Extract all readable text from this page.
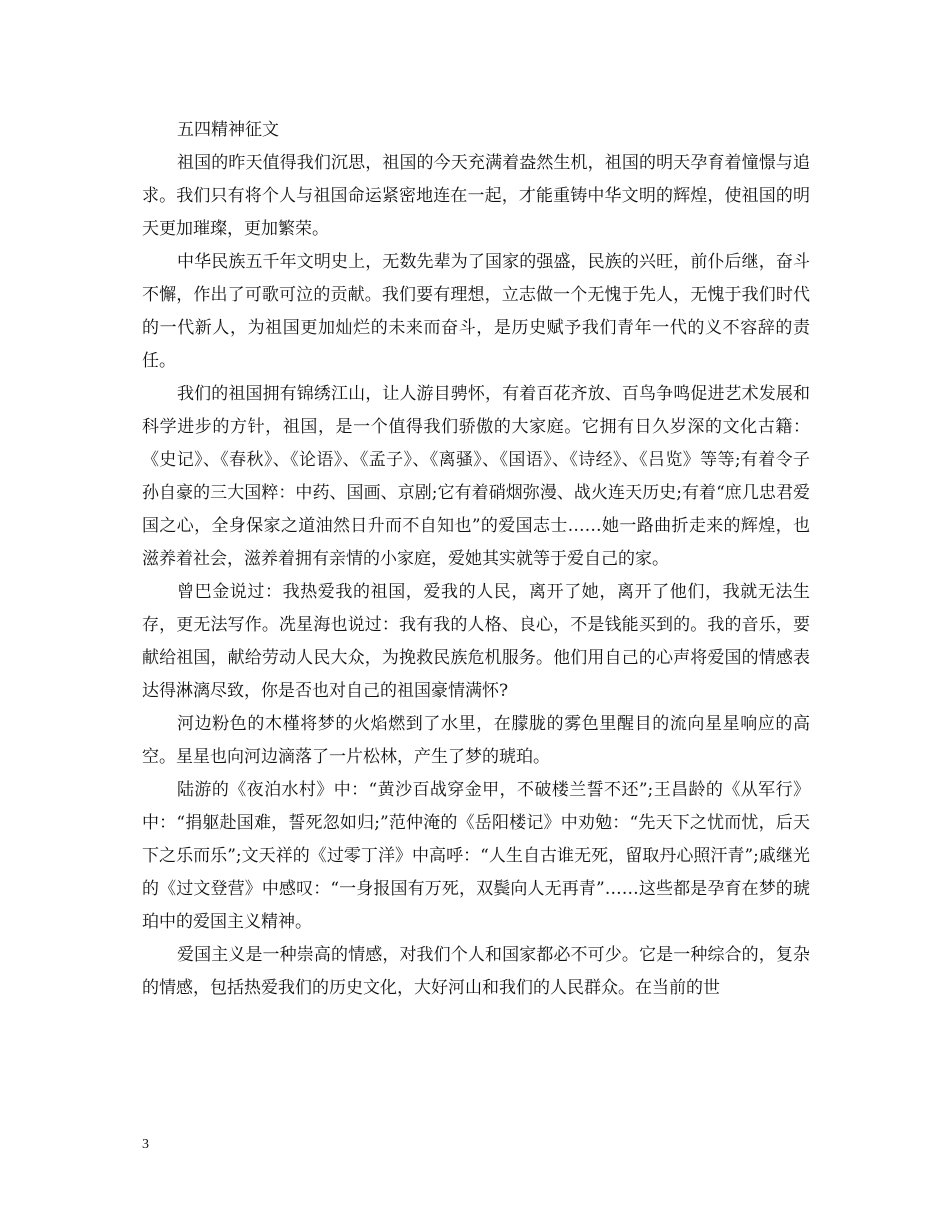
五四精神征文

祖国的昨天值得我们沉思，祖国的今天充满着盎然生机，祖国的明天孕育着憧憬与追求。我们只有将个人与祖国命运紧密地连在一起，才能重铸中华文明的辉煌，使祖国的明天更加璀璨，更加繁荣。

中华民族五千年文明史上，无数先辈为了国家的强盛，民族的兴旺，前仆后继，奋斗不懈，作出了可歌可泣的贡献。我们要有理想，立志做一个无愧于先人，无愧于我们时代的一代新人，为祖国更加灿烂的未来而奋斗，是历史赋予我们青年一代的义不容辞的责任。

我们的祖国拥有锦绣江山，让人游目骋怀，有着百花齐放、百鸟争鸣促进艺术发展和科学进步的方针，祖国，是一个值得我们骄傲的大家庭。它拥有日久岁深的文化古籍：《史记》、《春秋》、《论语》、《孟子》、《离骚》、《国语》、《诗经》、《吕览》等等;有着令子孙自豪的三大国粹：中药、国画、京剧;它有着硝烟弥漫、战火连天历史;有着“庶几忠君爱国之心，全身保家之道油然日升而不自知也”的爱国志士……她一路曲折走来的辉煌，也滋养着社会，滋养着拥有亲情的小家庭，爱她其实就等于爱自己的家。

曾巴金说过：我热爱我的祖国，爱我的人民，离开了她，离开了他们，我就无法生存，更无法写作。冼星海也说过：我有我的人格、良心，不是钱能买到的。我的音乐，要献给祖国，献给劳动人民大众，为挽救民族危机服务。他们用自己的心声将爱国的情感表达得淋漓尽致，你是否也对自己的祖国豪情满怀?

河边粉色的木槿将梦的火焰燃到了水里，在朦胧的雾色里醒目的流向星星响应的高空。星星也向河边滴落了一片松林，产生了梦的琥珀。

陆游的《夜泊水村》中：“黄沙百战穿金甲，不破楼兰誓不还”;王昌龄的《从军行》中：“捐躯赴国难，誓死忽如归;”范仲淹的《岳阳楼记》中劝勉：“先天下之忧而忧，后天下之乐而乐”;文天祥的《过零丁洋》中高呼：“人生自古谁无死，留取丹心照汗青”;戚继光的《过文登营》中感叹：“一身报国有万死，双鬓向人无再青”……这些都是孕育在梦的琥珀中的爱国主义精神。

爱国主义是一种崇高的情感，对我们个人和国家都必不可少。它是一种综合的，复杂的情感，包括热爱我们的历史文化，大好河山和我们的人民群众。在当前的世

3
